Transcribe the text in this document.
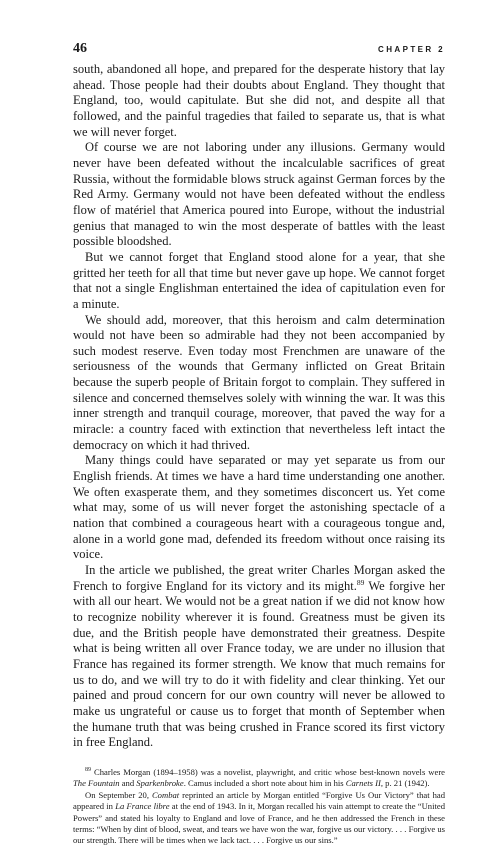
46	CHAPTER 2

south, abandoned all hope, and prepared for the desperate history that lay ahead. Those people had their doubts about England. They thought that England, too, would capitulate. But she did not, and despite all that followed, and the painful tragedies that failed to separate us, that is what we will never forget.

Of course we are not laboring under any illusions. Germany would never have been defeated without the incalculable sacrifices of great Russia, without the formidable blows struck against German forces by the Red Army. Germany would not have been defeated without the endless flow of matériel that America poured into Europe, without the industrial genius that managed to win the most desperate of battles with the least possible bloodshed.

But we cannot forget that England stood alone for a year, that she gritted her teeth for all that time but never gave up hope. We cannot forget that not a single Englishman entertained the idea of capitulation even for a minute.

We should add, moreover, that this heroism and calm determination would not have been so admirable had they not been accompanied by such modest reserve. Even today most Frenchmen are unaware of the seriousness of the wounds that Germany inflicted on Great Britain because the superb people of Britain forgot to complain. They suffered in silence and concerned themselves solely with winning the war. It was this inner strength and tranquil courage, moreover, that paved the way for a miracle: a country faced with extinction that nevertheless left intact the democracy on which it had thrived.

Many things could have separated or may yet separate us from our English friends. At times we have a hard time understanding one another. We often exasperate them, and they sometimes disconcert us. Yet come what may, some of us will never forget the astonishing spectacle of a nation that combined a courageous heart with a courageous tongue and, alone in a world gone mad, defended its freedom without once raising its voice.

In the article we published, the great writer Charles Morgan asked the French to forgive England for its victory and its might.$^{89}$ We forgive her with all our heart. We would not be a great nation if we did not know how to recognize nobility wherever it is found. Greatness must be given its due, and the British people have demonstrated their greatness. Despite what is being written all over France today, we are under no illusion that France has regained its former strength. We know that much remains for us to do, and we will try to do it with fidelity and clear thinking. Yet our pained and proud concern for our own country will never be allowed to make us ungrateful or cause us to forget that month of September when the humane truth that was being crushed in France scored its first victory in free England.

$^{89}$ Charles Morgan (1894–1958) was a novelist, playwright, and critic whose best-known novels were The Fountain and Sparkenbroke. Camus included a short note about him in his Carnets II, p. 21 (1942).

On September 20, Combat reprinted an article by Morgan entitled “Forgive Us Our Victory” that had appeared in La France libre at the end of 1943. In it, Morgan recalled his vain attempt to create the “United Powers” and stated his loyalty to England and love of France, and he then addressed the French in these terms: “When by dint of blood, sweat, and tears we have won the war, forgive us our victory. . . . Forgive us our strength. There will be times when we lack tact. . . . Forgive us our sins.”
